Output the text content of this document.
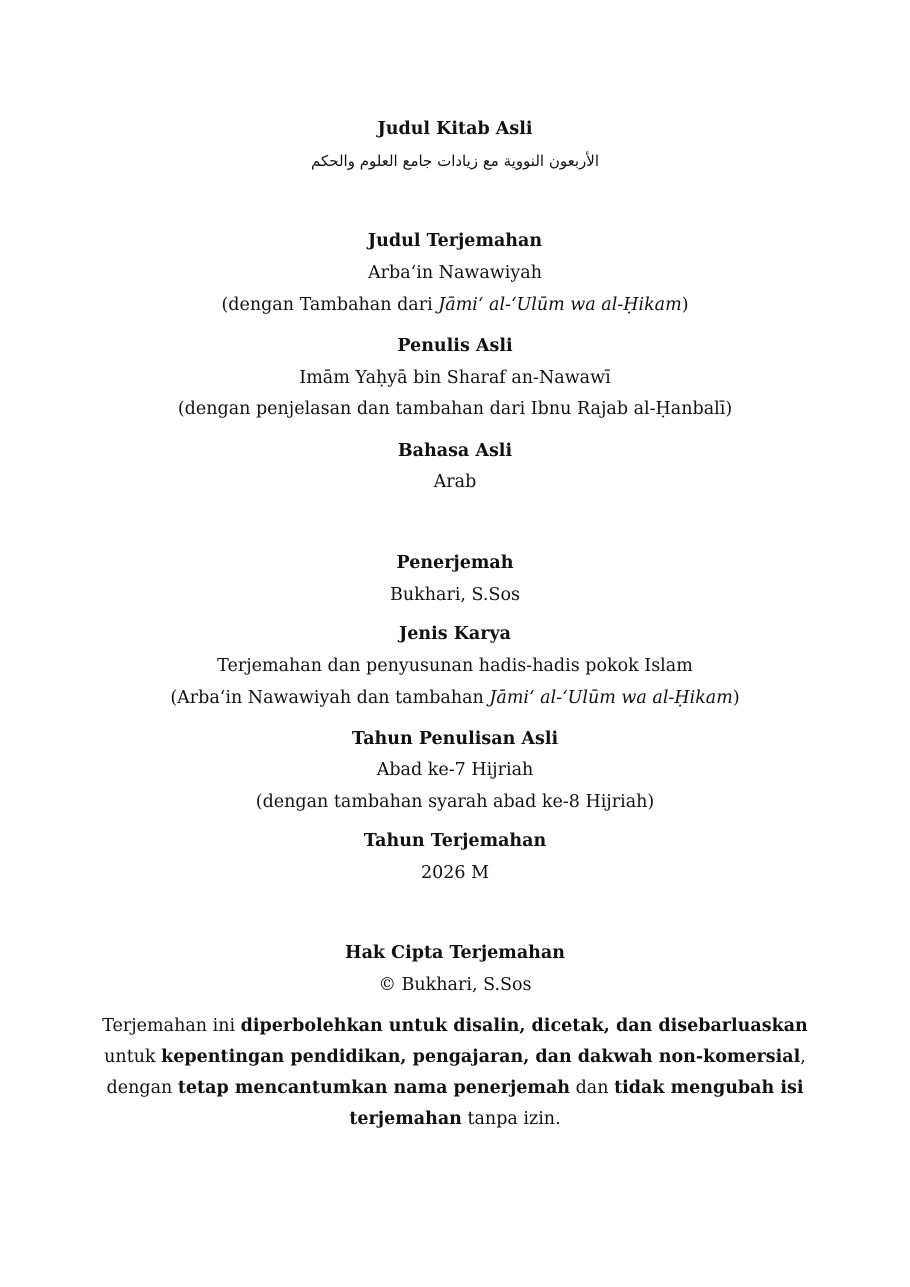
Judul Kitab Asli
الأربعون النووية مع زيادات جامع العلوم والحكم
Judul Terjemahan
Arba‘in Nawawiyah
(dengan Tambahan dari Jāmi‘ al-‘Ulūm wa al-Ḥikam)
Penulis Asli
Imām Yaḥyā bin Sharaf an-Nawawī
(dengan penjelasan dan tambahan dari Ibnu Rajab al-Ḥanbalī)
Bahasa Asli
Arab
Penerjemah
Bukhari, S.Sos
Jenis Karya
Terjemahan dan penyusunan hadis-hadis pokok Islam
(Arba‘in Nawawiyah dan tambahan Jāmi‘ al-‘Ulūm wa al-Ḥikam)
Tahun Penulisan Asli
Abad ke-7 Hijriah
(dengan tambahan syarah abad ke-8 Hijriah)
Tahun Terjemahan
2026 M
Hak Cipta Terjemahan
© Bukhari, S.Sos
Terjemahan ini diperbolehkan untuk disalin, dicetak, dan disebarluaskan
untuk kepentingan pendidikan, pengajaran, dan dakwah non-komersial,
dengan tetap mencantumkan nama penerjemah dan tidak mengubah isi
terjemahan tanpa izin.
